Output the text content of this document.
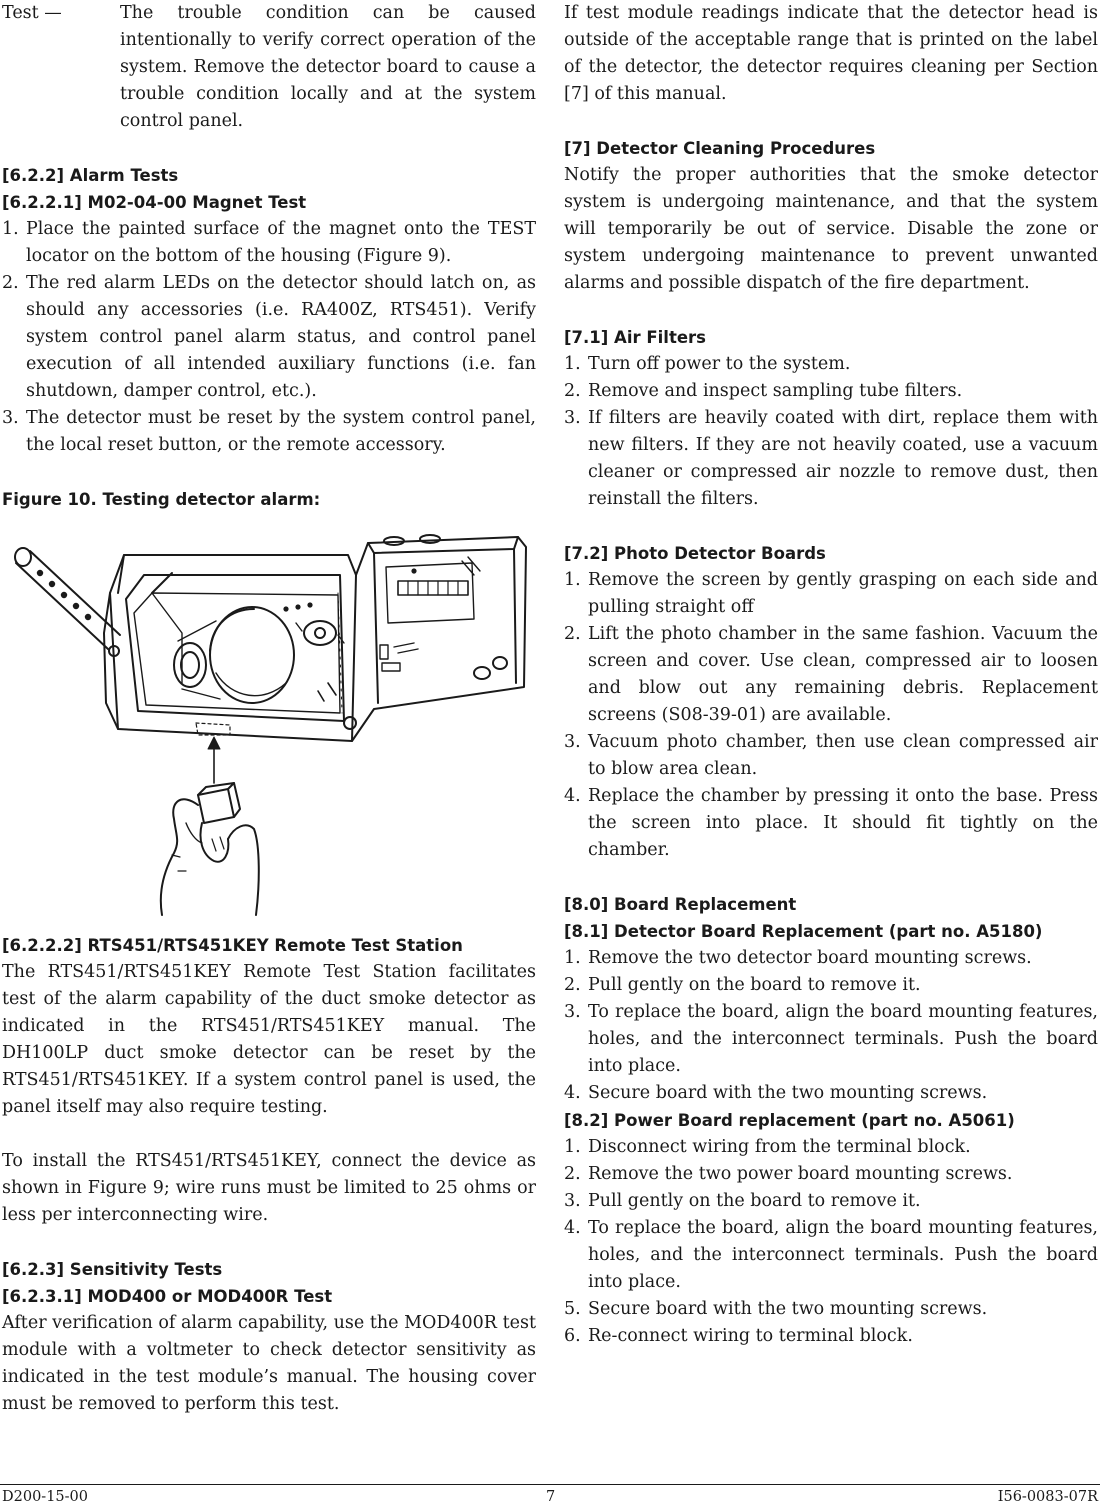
Test —	The trouble condition can be caused intentionally to verify correct operation of the system. Remove the detector board to cause a trouble condition locally and at the system control panel.
[6.2.2] Alarm Tests
[6.2.2.1] M02-04-00 Magnet Test
1. Place the painted surface of the magnet onto the TEST locator on the bottom of the housing (Figure 9).
2. The red alarm LEDs on the detector should latch on, as should any accessories (i.e. RA400Z, RTS451). Verify system control panel alarm status, and control panel execution of all intended auxiliary functions (i.e. fan shutdown, damper control, etc.).
3. The detector must be reset by the system control panel, the local reset button, or the remote accessory.
Figure 10. Testing detector alarm:
[6.2.2.2] RTS451/RTS451KEY Remote Test Station

The RTS451/RTS451KEY Remote Test Station facilitates test of the alarm capability of the duct smoke detector as indicated in the RTS451/RTS451KEY manual. The DH100LP duct smoke detector can be reset by the RTS451/RTS451KEY. If a system control panel is used, the panel itself may also require testing.

To install the RTS451/RTS451KEY, connect the device as shown in Figure 9; wire runs must be limited to 25 ohms or less per interconnecting wire.

[6.2.3] Sensitivity Tests
[6.2.3.1] MOD400 or MOD400R Test

After verification of alarm capability, use the MOD400R test module with a voltmeter to check detector sensitivity as indicated in the test module’s manual. The housing cover must be removed to perform this test.

If test module readings indicate that the detector head is outside of the acceptable range that is printed on the label of the detector, the detector requires cleaning per Section [7] of this manual.

[7] Detector Cleaning Procedures

Notify the proper authorities that the smoke detector system is undergoing maintenance, and that the system will temporarily be out of service. Disable the zone or system undergoing maintenance to prevent unwanted alarms and possible dispatch of the fire department.

[7.1] Air Filters
1. Turn off power to the system.
2. Remove and inspect sampling tube filters.
3. If filters are heavily coated with dirt, replace them with new filters. If they are not heavily coated, use a vacuum cleaner or compressed air nozzle to remove dust, then reinstall the filters.
[7.2] Photo Detector Boards
1. Remove the screen by gently grasping on each side and pulling straight off
2. Lift the photo chamber in the same fashion. Vacuum the screen and cover. Use clean, compressed air to loosen and blow out any remaining debris. Replacement screens (S08-39-01) are available.
3. Vacuum photo chamber, then use clean compressed air to blow area clean.
4. Replace the chamber by pressing it onto the base. Press the screen into place. It should fit tightly on the chamber.
[8.0] Board Replacement
[8.1] Detector Board Replacement (part no. A5180)
1. Remove the two detector board mounting screws.
2. Pull gently on the board to remove it.
3. To replace the board, align the board mounting features, holes, and the interconnect terminals. Push the board into place.
4. Secure board with the two mounting screws.
[8.2] Power Board replacement (part no. A5061)
1. Disconnect wiring from the terminal block.
2. Remove the two power board mounting screws.
3. Pull gently on the board to remove it.
4. To replace the board, align the board mounting features, holes, and the interconnect terminals. Push the board into place.
5. Secure board with the two mounting screws.
6. Re-connect wiring to terminal block.
D200-15-00	7	I56-0083-07R
